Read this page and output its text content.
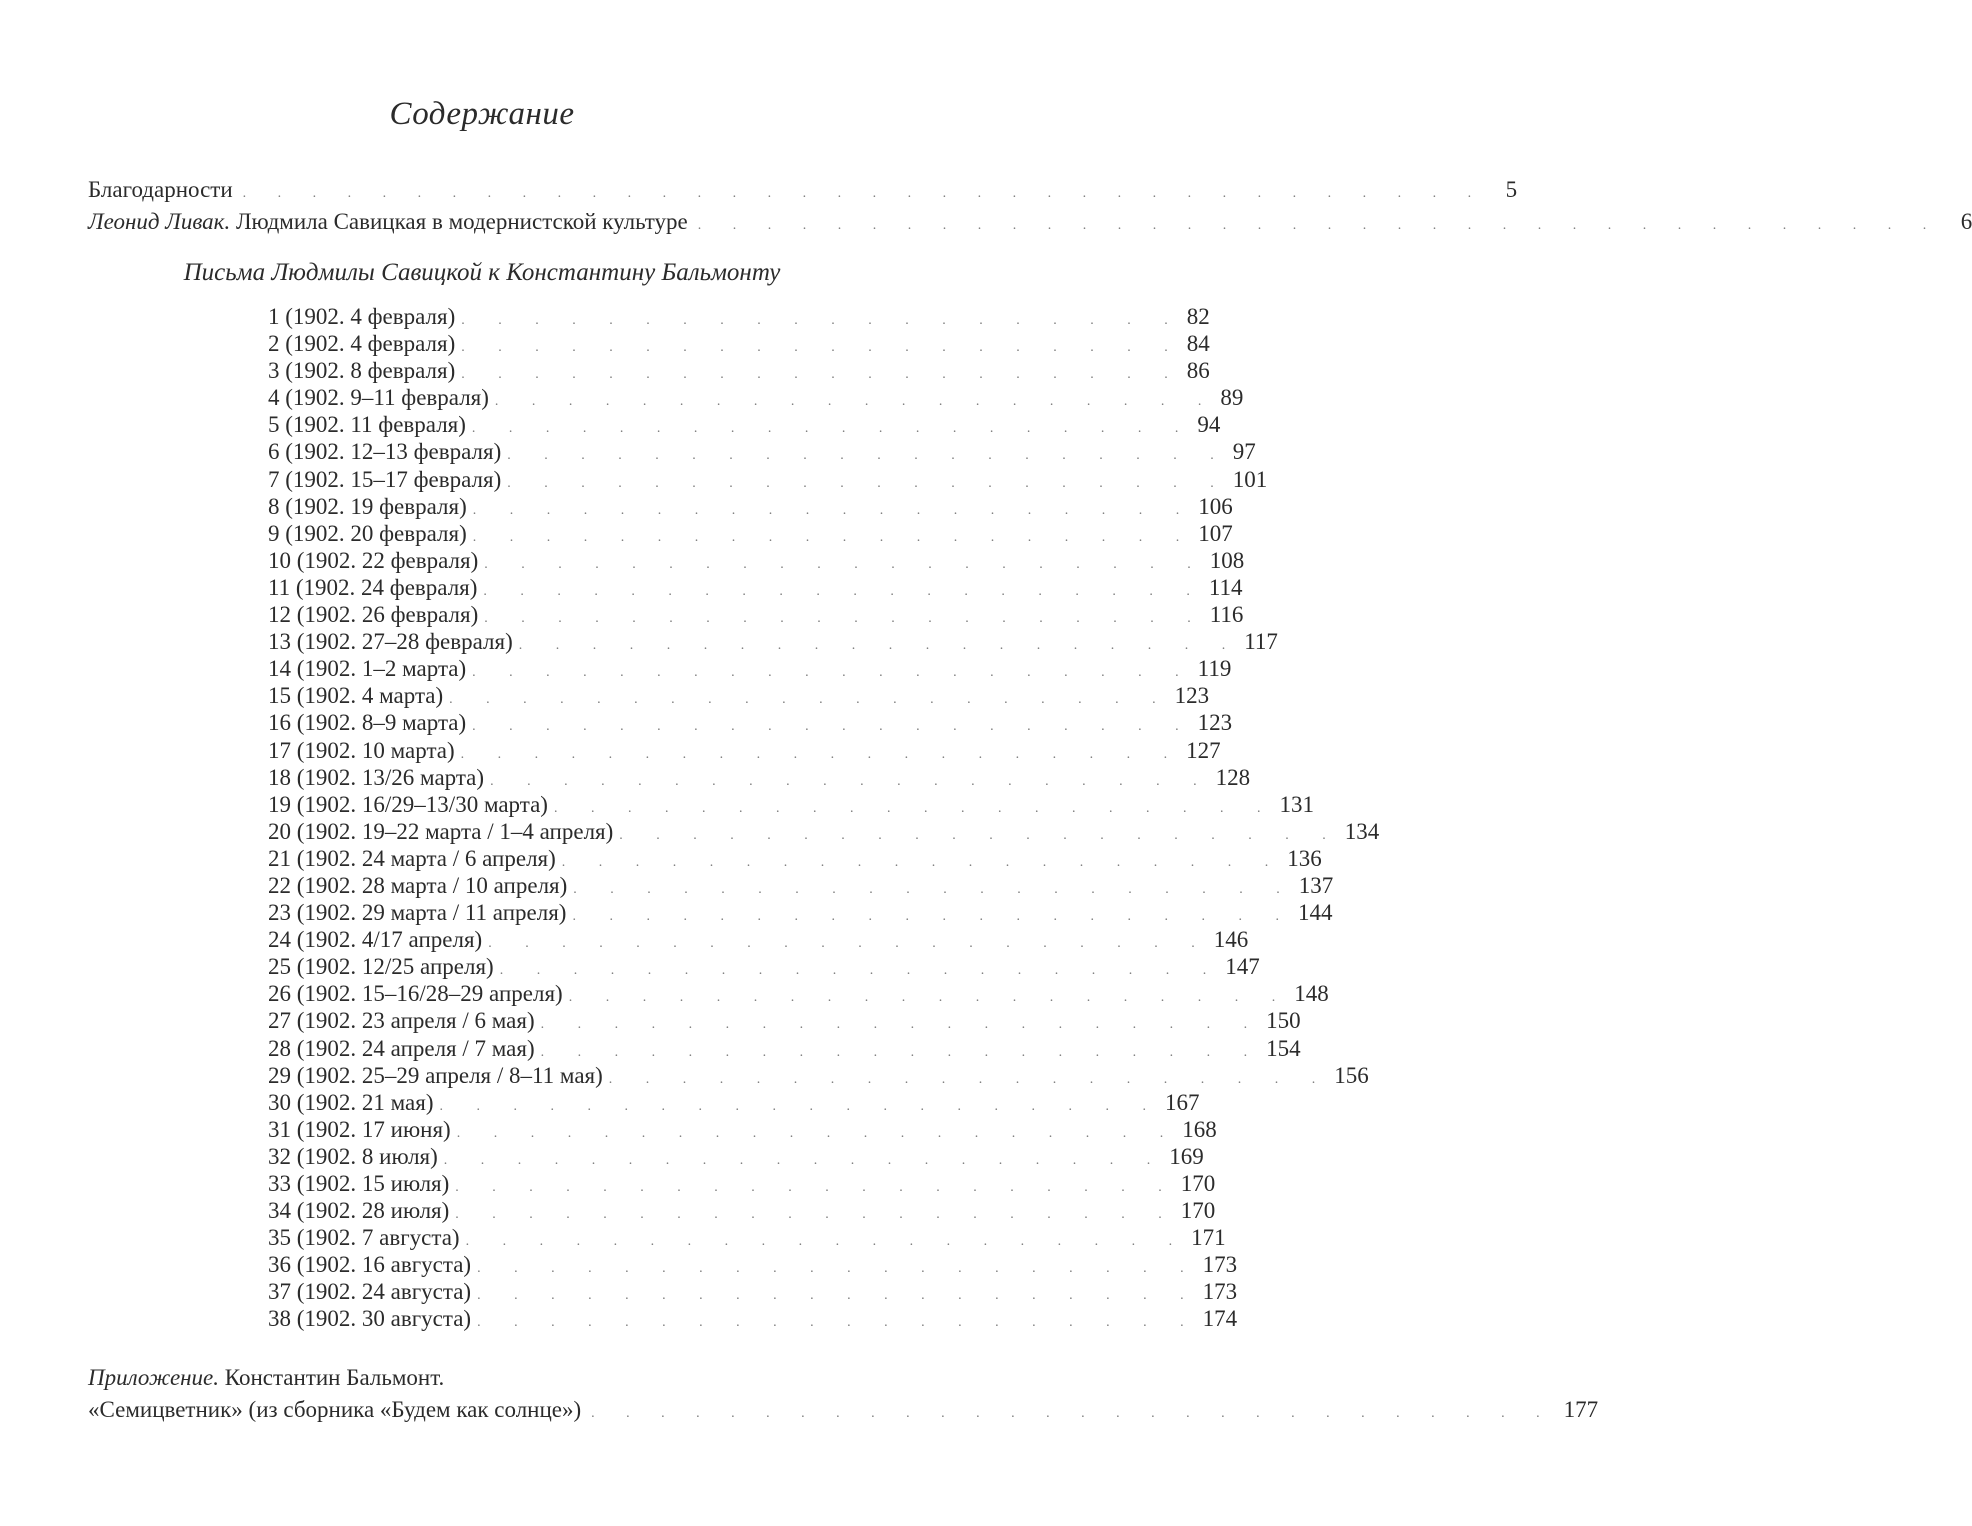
Содержание
Благодарности . . . . . . . . . . . . . . . . . . . . . . . . . . . . . . . . . . . . 5
Леонид Ливак. Людмила Савицкая в модернистской культуре . . . . . . . . . . . . . . . . . . . . . . . . . . . . . . . . . . . . 6
Письма Людмилы Савицкой к Константину Бальмонту
1 (1902. 4 февраля) . . . . . . . . . . . . . . . . . . . . 82
2 (1902. 4 февраля) . . . . . . . . . . . . . . . . . . . . 84
3 (1902. 8 февраля) . . . . . . . . . . . . . . . . . . . . 86
4 (1902. 9–11 февраля) . . . . . . . . . . . . . . . . . . . . 89
5 (1902. 11 февраля) . . . . . . . . . . . . . . . . . . . . 94
6 (1902. 12–13 февраля) . . . . . . . . . . . . . . . . . . . . 97
7 (1902. 15–17 февраля) . . . . . . . . . . . . . . . . . . . . 101
8 (1902. 19 февраля) . . . . . . . . . . . . . . . . . . . . 106
9 (1902. 20 февраля) . . . . . . . . . . . . . . . . . . . . 107
10 (1902. 22 февраля) . . . . . . . . . . . . . . . . . . . . 108
11 (1902. 24 февраля) . . . . . . . . . . . . . . . . . . . . 114
12 (1902. 26 февраля) . . . . . . . . . . . . . . . . . . . . 116
13 (1902. 27–28 февраля) . . . . . . . . . . . . . . . . . . . . 117
14 (1902. 1–2 марта) . . . . . . . . . . . . . . . . . . . . 119
15 (1902. 4 марта) . . . . . . . . . . . . . . . . . . . . 123
16 (1902. 8–9 марта) . . . . . . . . . . . . . . . . . . . . 123
17 (1902. 10 марта) . . . . . . . . . . . . . . . . . . . . 127
18 (1902. 13/26 марта) . . . . . . . . . . . . . . . . . . . . 128
19 (1902. 16/29–13/30 марта) . . . . . . . . . . . . . . . . . . . . 131
20 (1902. 19–22 марта / 1–4 апреля) . . . . . . . . . . . . . . . . . . . . 134
21 (1902. 24 марта / 6 апреля) . . . . . . . . . . . . . . . . . . . . 136
22 (1902. 28 марта / 10 апреля) . . . . . . . . . . . . . . . . . . . . 137
23 (1902. 29 марта / 11 апреля) . . . . . . . . . . . . . . . . . . . . 144
24 (1902. 4/17 апреля) . . . . . . . . . . . . . . . . . . . . 146
25 (1902. 12/25 апреля) . . . . . . . . . . . . . . . . . . . . 147
26 (1902. 15–16/28–29 апреля) . . . . . . . . . . . . . . . . . . . . 148
27 (1902. 23 апреля / 6 мая) . . . . . . . . . . . . . . . . . . . . 150
28 (1902. 24 апреля / 7 мая) . . . . . . . . . . . . . . . . . . . . 154
29 (1902. 25–29 апреля / 8–11 мая) . . . . . . . . . . . . . . . . . . . . 156
30 (1902. 21 мая) . . . . . . . . . . . . . . . . . . . . 167
31 (1902. 17 июня) . . . . . . . . . . . . . . . . . . . . 168
32 (1902. 8 июля) . . . . . . . . . . . . . . . . . . . . 169
33 (1902. 15 июля) . . . . . . . . . . . . . . . . . . . . 170
34 (1902. 28 июля) . . . . . . . . . . . . . . . . . . . . 170
35 (1902. 7 августа) . . . . . . . . . . . . . . . . . . . . 171
36 (1902. 16 августа) . . . . . . . . . . . . . . . . . . . . 173
37 (1902. 24 августа) . . . . . . . . . . . . . . . . . . . . 173
38 (1902. 30 августа) . . . . . . . . . . . . . . . . . . . . 174
Приложение. Константин Бальмонт.
«Семицветник» (из сборника «Будем как солнце») . . . . . . . . . . . . . . . . . . . . . . . . . . . . 177
